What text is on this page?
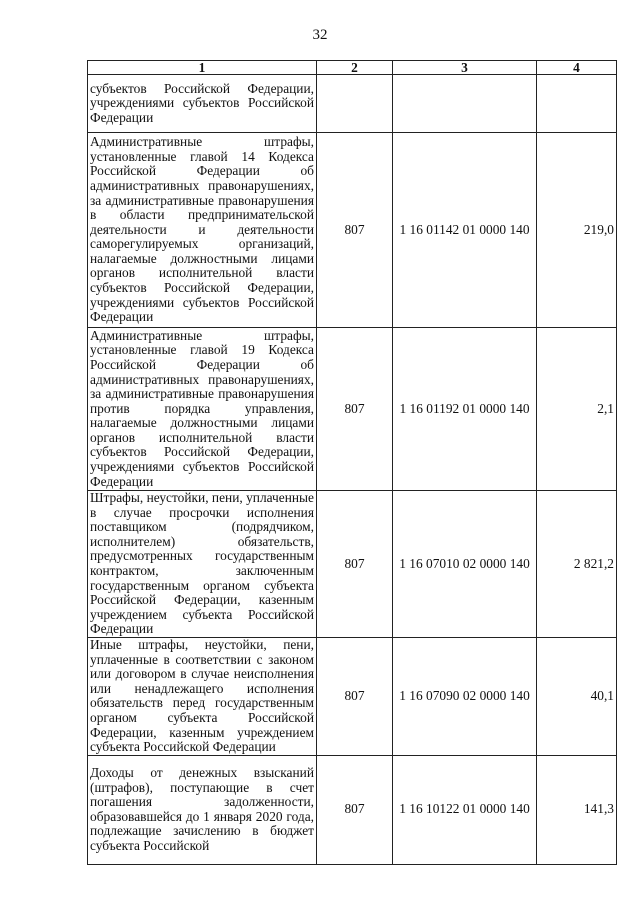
32
1	2	3	4
субъектов Российской Федерации, учреждениями субъектов Российской Федерации			
Административные штрафы, установленные главой 14 Кодекса Российской Федерации об административных правонарушениях, за административные правонарушения в области предпринимательской деятельности и деятельности саморегулируемых организаций, налагаемые должностными лицами органов исполнительной власти субъектов Российской Федерации, учреждениями субъектов Российской Федерации	807	1 16 01142 01 0000 140	219,0
Административные штрафы, установленные главой 19 Кодекса Российской Федерации об административных правонарушениях, за административные правонарушения против порядка управления, налагаемые должностными лицами органов исполнительной власти субъектов Российской Федерации, учреждениями субъектов Российской Федерации	807	1 16 01192 01 0000 140	2,1
Штрафы, неустойки, пени, уплаченные в случае просрочки исполнения поставщиком (подрядчиком, исполнителем) обязательств, предусмотренных государственным контрактом, заключенным государственным органом субъекта Российской Федерации, казенным учреждением субъекта Российской Федерации	807	1 16 07010 02 0000 140	2 821,2
Иные штрафы, неустойки, пени, уплаченные в соответствии с законом или договором в случае неисполнения или ненадлежащего исполнения обязательств перед государственным органом субъекта Российской Федерации, казенным учреждением субъекта Российской Федерации	807	1 16 07090 02 0000 140	40,1
Доходы от денежных взысканий (штрафов), поступающие в счет погашения задолженности, образовавшейся до 1 января 2020 года, подлежащие зачислению в бюджет субъекта Российской	807	1 16 10122 01 0000 140	141,3
